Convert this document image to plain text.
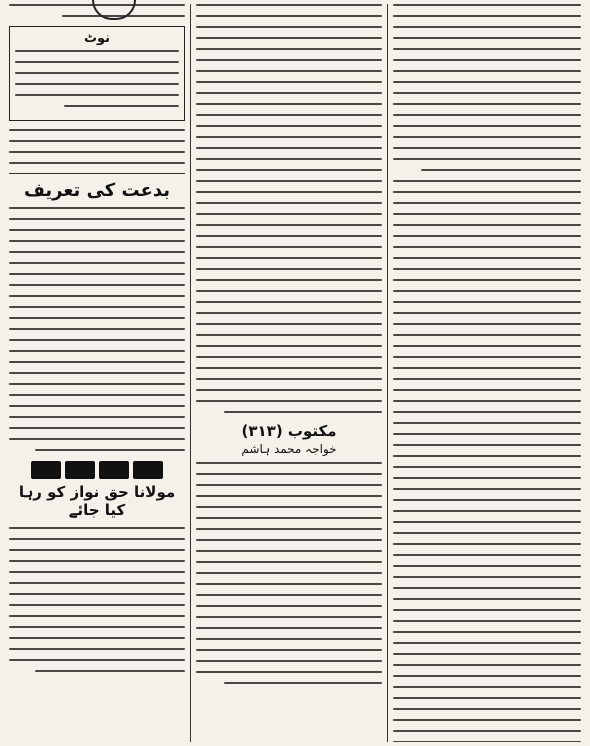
مکتوب (۳۱۳)
خواجہ محمد ہاشم
نوٹ
بدعت کی تعریف
مولانا حق نواز کو رہا کیا جائے
